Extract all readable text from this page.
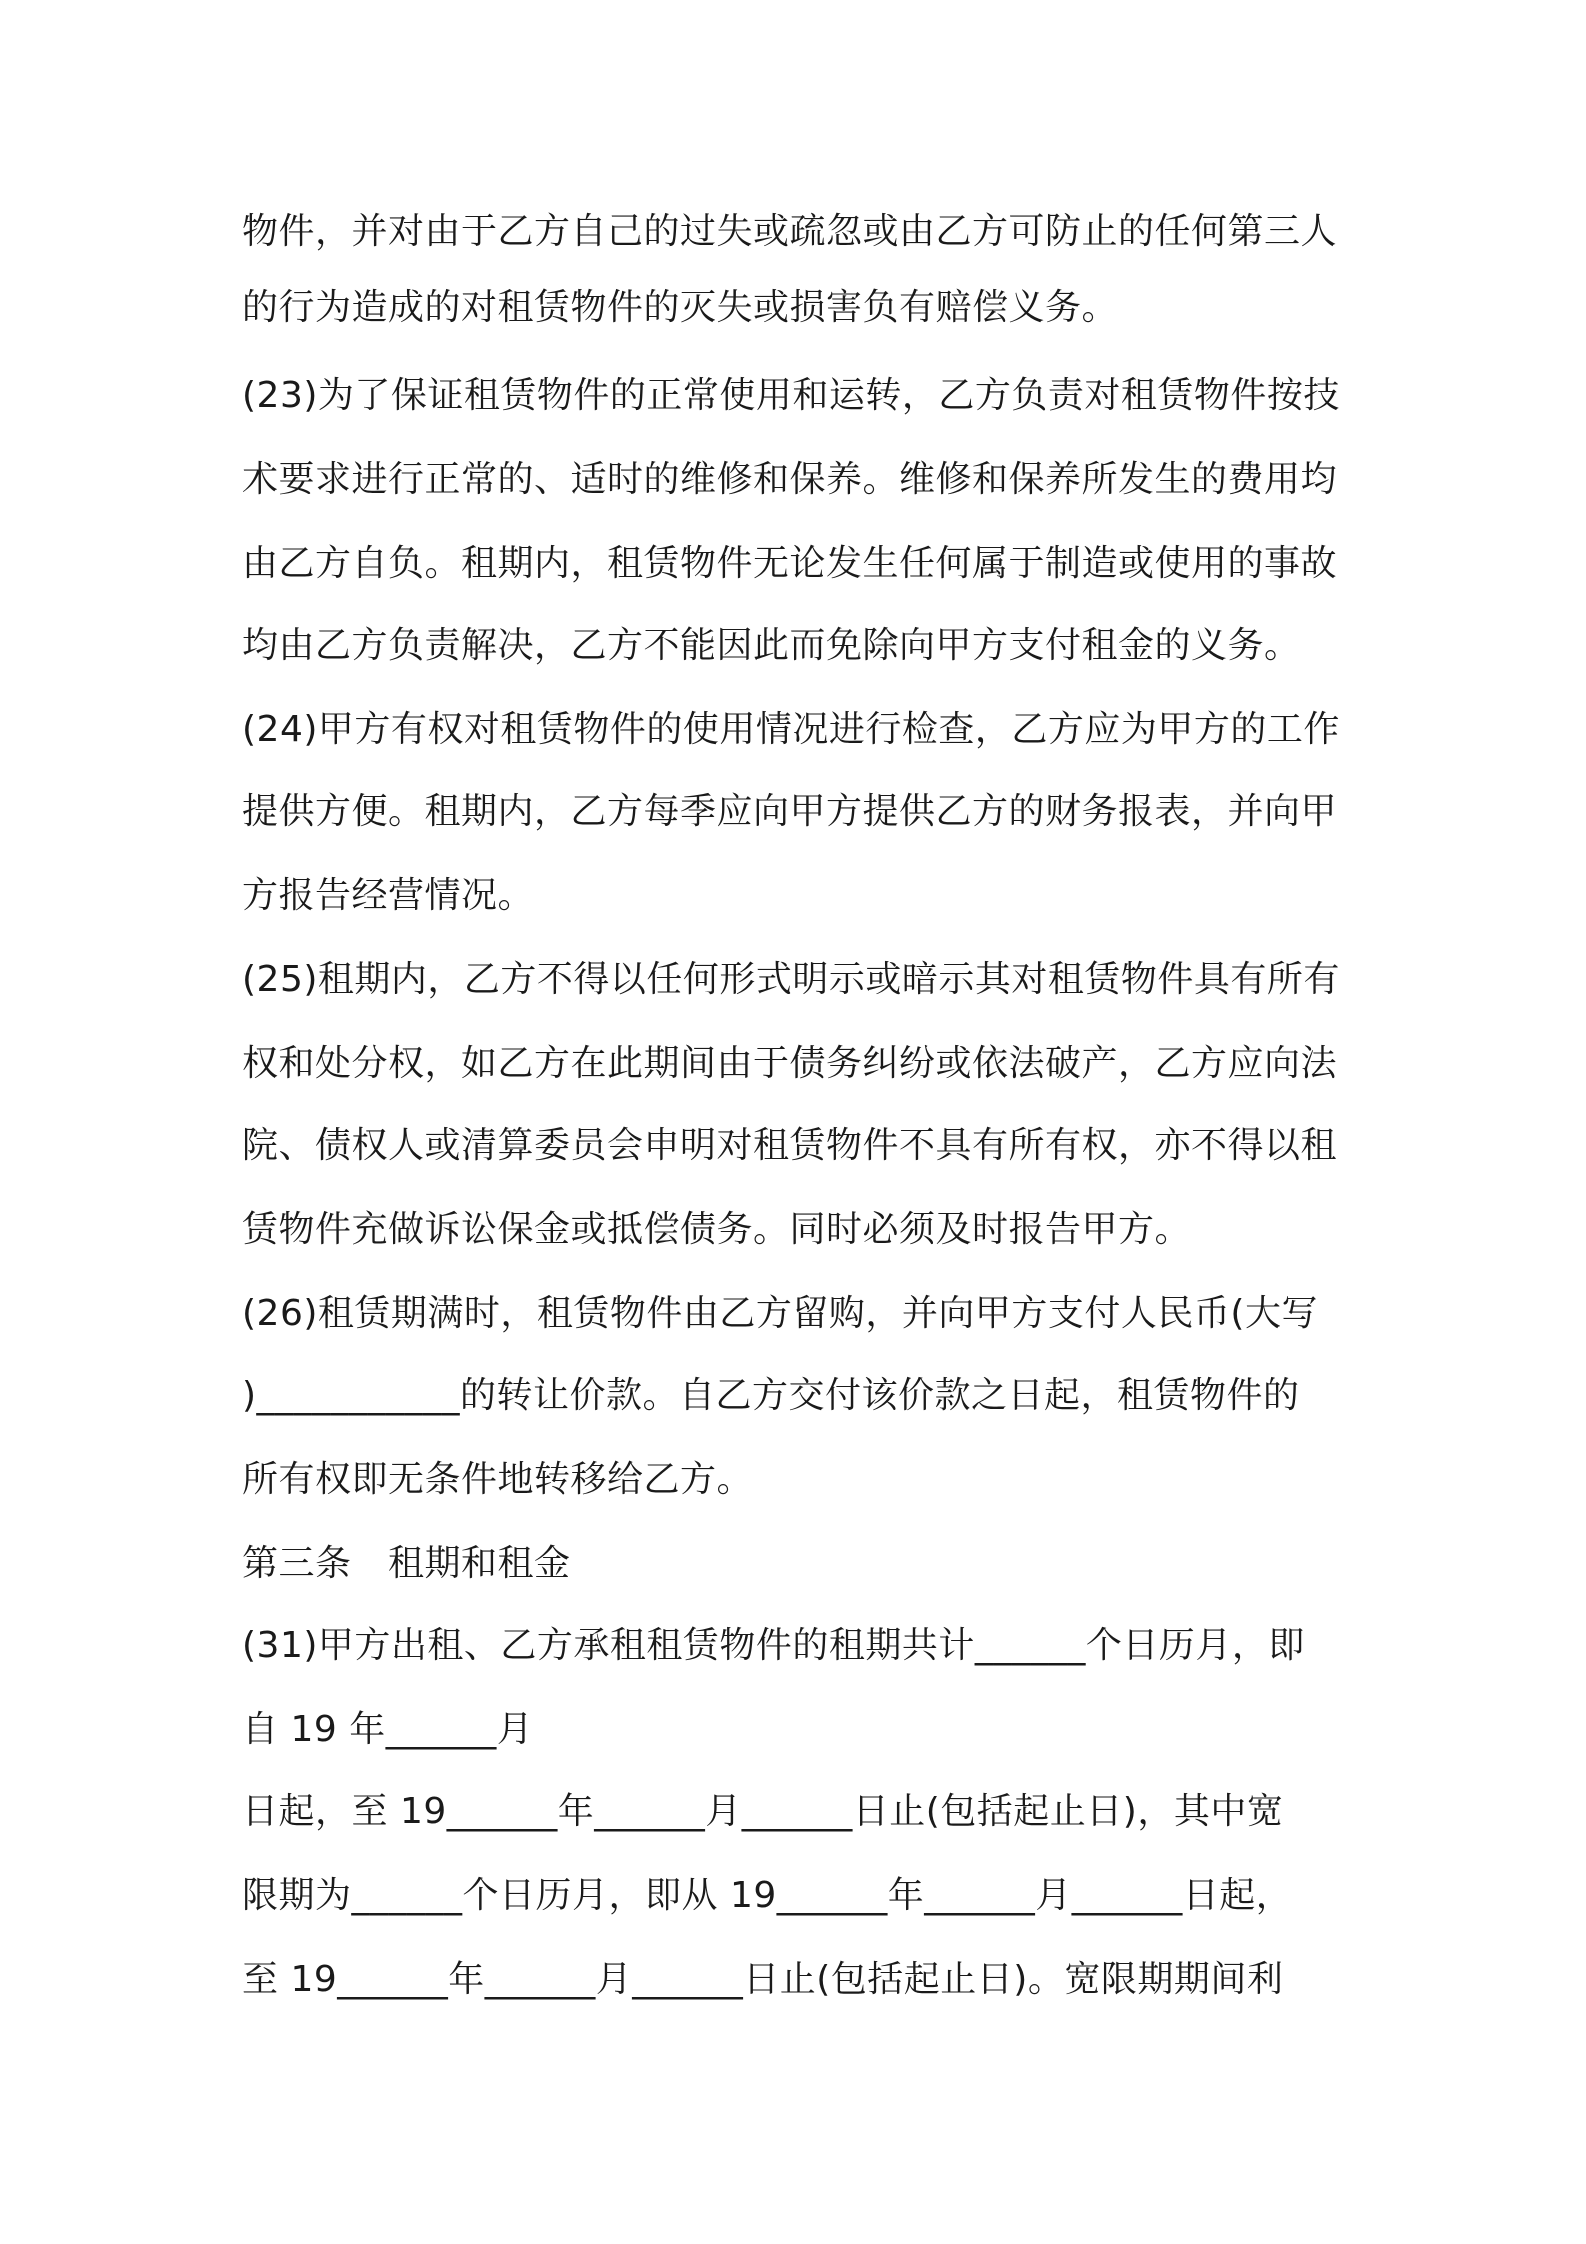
物件，并对由于乙方自己的过失或疏忽或由乙方可防止的任何第三人
的行为造成的对租赁物件的灭失或损害负有赔偿义务。
(23)为了保证租赁物件的正常使用和运转，乙方负责对租赁物件按技
术要求进行正常的、适时的维修和保养。维修和保养所发生的费用均
由乙方自负。租期内，租赁物件无论发生任何属于制造或使用的事故
均由乙方负责解决，乙方不能因此而免除向甲方支付租金的义务。
(24)甲方有权对租赁物件的使用情况进行检查，乙方应为甲方的工作
提供方便。租期内，乙方每季应向甲方提供乙方的财务报表，并向甲
方报告经营情况。
(25)租期内，乙方不得以任何形式明示或暗示其对租赁物件具有所有
权和处分权，如乙方在此期间由于债务纠纷或依法破产，乙方应向法
院、债权人或清算委员会申明对租赁物件不具有所有权，亦不得以租
赁物件充做诉讼保金或抵偿债务。同时必须及时报告甲方。
(26)租赁期满时，租赁物件由乙方留购，并向甲方支付人民币(大写
)___________的转让价款。自乙方交付该价款之日起，租赁物件的
所有权即无条件地转移给乙方。
第三条　租期和租金
(31)甲方出租、乙方承租租赁物件的租期共计______个日历月，即
自 19 年______月
日起，至 19______年______月______日止(包括起止日)，其中宽
限期为______个日历月，即从 19______年______月______日起，
至 19______年______月______日止(包括起止日)。宽限期期间利
